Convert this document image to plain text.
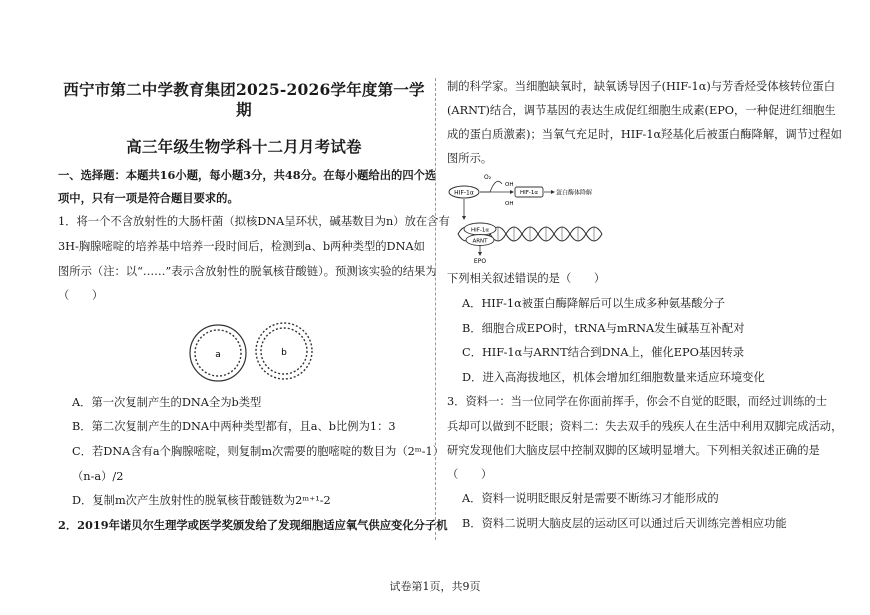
西宁市第二中学教育集团2025-2026学年度第一学期
高三年级生物学科十二月月考试卷
一、选择题：本题共16小题，每小题3分，共48分。在每小题给出的四个选
项中，只有一项是符合题目要求的。
1．将一个不含放射性的大肠杆菌（拟核DNA呈环状，碱基数目为n）放在含有
3H-胸腺嘧啶的培养基中培养一段时间后，检测到a、b两种类型的DNA如
图所示（注：以“……”表示含放射性的脱氧核苷酸链）。预测该实验的结果为
（　　）
a	b
A．第一次复制产生的DNA全为b类型
B．第二次复制产生的DNA中两种类型都有，且a、b比例为1：3
C．若DNA含有a个胸腺嘧啶，则复制m次需要的胞嘧啶的数目为（2ᵐ-1）
（n-a）/2
D．复制m次产生放射性的脱氧核苷酸链数为2ᵐ⁺¹-2
2．2019年诺贝尔生理学或医学奖颁发给了发现细胞适应氧气供应变化分子机
制的科学家。当细胞缺氧时，缺氧诱导因子(HIF-1α)与芳香烃受体核转位蛋白
(ARNT)结合，调节基因的表达生成促红细胞生成素(EPO，一种促进红细胞生
成的蛋白质激素)；当氧气充足时，HIF-1α羟基化后被蛋白酶降解，调节过程如
图所示。
HIF-1α
O₂
OH
OH
HIF-1α	蛋白酶体降解
HIF-1α
ARNT
EPO
下列相关叙述错误的是（　　）
A．HIF-1α被蛋白酶降解后可以生成多种氨基酸分子
B．细胞合成EPO时，tRNA与mRNA发生碱基互补配对
C．HIF-1α与ARNT结合到DNA上，催化EPO基因转录
D．进入高海拔地区，机体会增加红细胞数量来适应环境变化
3．资料一：当一位同学在你面前挥手，你会不自觉的眨眼，而经过训练的士
兵却可以做到不眨眼；资料二：失去双手的残疾人在生活中利用双脚完成活动，
研究发现他们大脑皮层中控制双脚的区域明显增大。下列相关叙述正确的是
（　　）
A．资料一说明眨眼反射是需要不断练习才能形成的
B．资料二说明大脑皮层的运动区可以通过后天训练完善相应功能
试卷第1页，共9页
